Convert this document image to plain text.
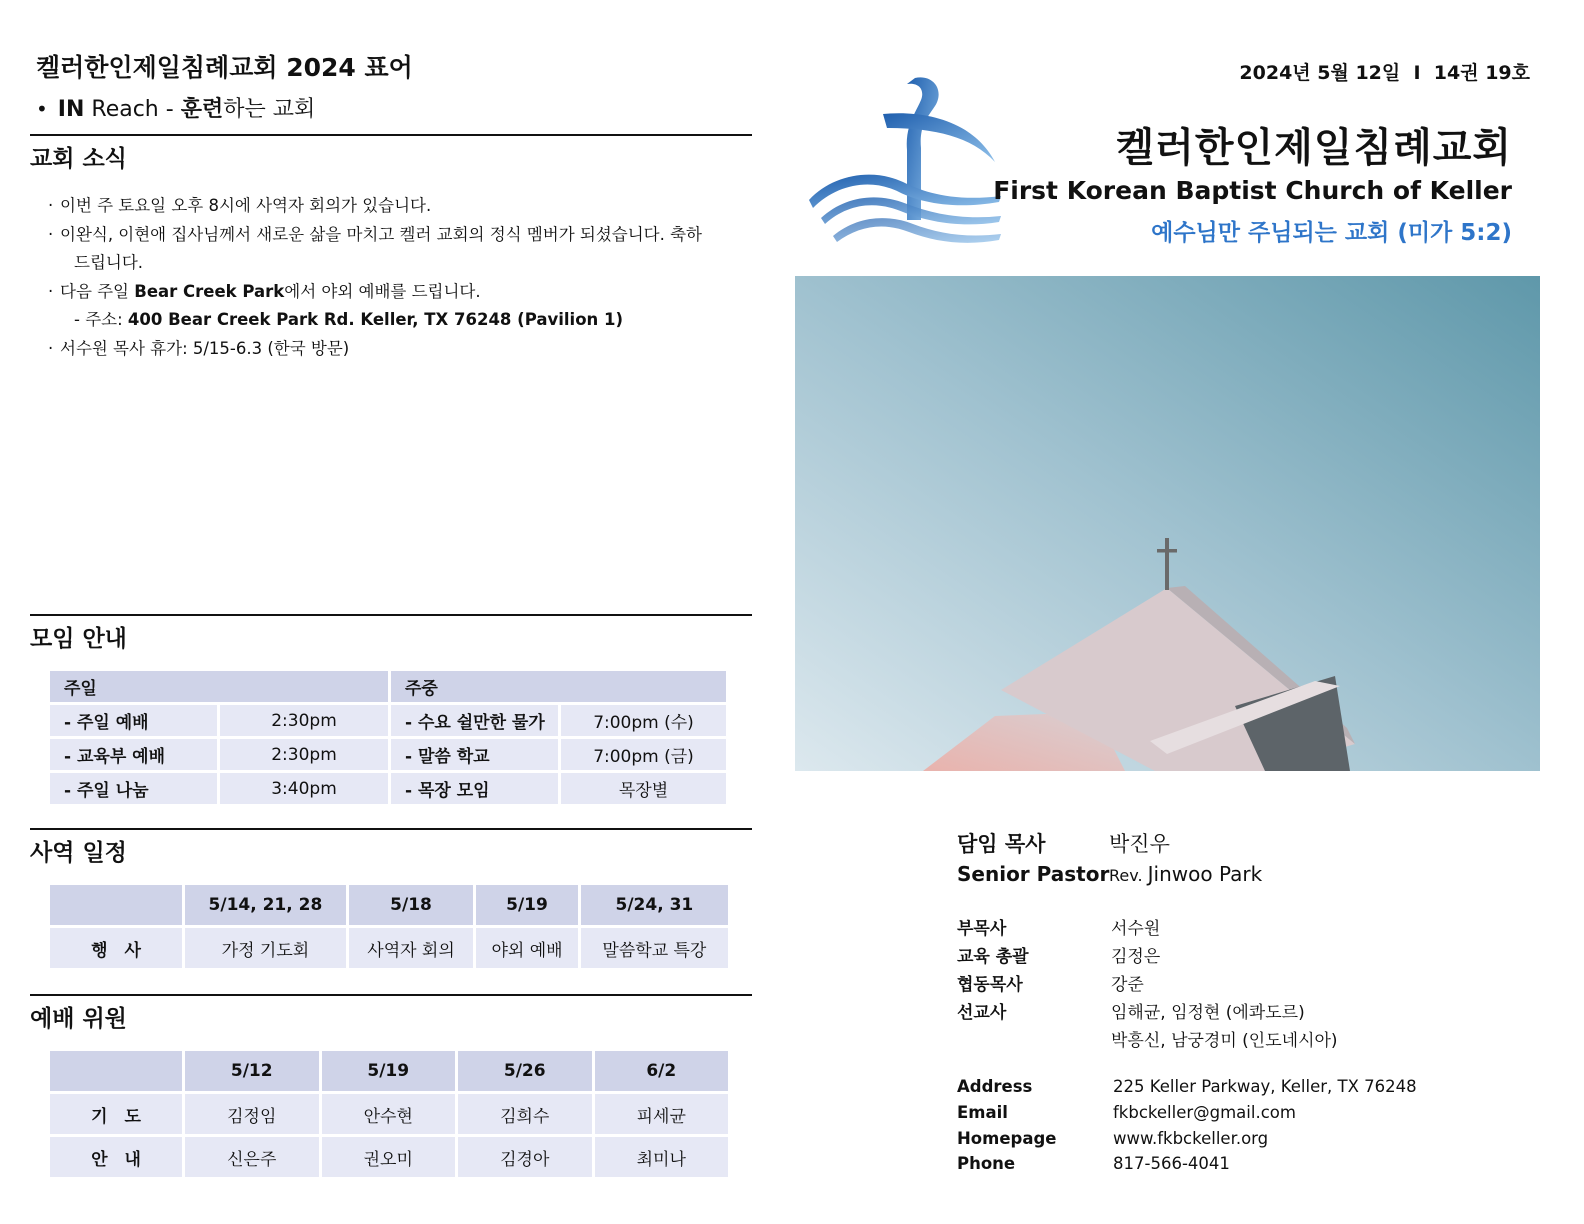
켈러한인제일침례교회 2024 표어
• IN Reach - 훈련하는 교회
교회 소식
· 이번 주 토요일 오후 8시에 사역자 회의가 있습니다.
· 이완식, 이현애 집사님께서 새로운 삶을 마치고 켈러 교회의 정식 멤버가 되셨습니다. 축하
드립니다.
· 다음 주일 Bear Creek Park에서 야외 예배를 드립니다.
- 주소: 400 Bear Creek Park Rd. Keller, TX 76248 (Pavilion 1)
· 서수원 목사 휴가: 5/15-6.3 (한국 방문)
모임 안내
주일		주중	
- 주일 예배	2:30pm	- 수요 쉴만한 물가	7:00pm (수)
- 교육부 예배	2:30pm	- 말씀 학교	7:00pm (금)
- 주일 나눔	3:40pm	- 목장 모임	목장별
사역 일정
	5/14, 21, 28	5/18	5/19	5/24, 31
행　사	가정 기도회	사역자 회의	야외 예배	말씀학교 특강
예배 위원
	5/12	5/19	5/26	6/2
기　도	김정임	안수현	김희수	피세균
안　내	신은주	권오미	김경아	최미나
2024년 5월 12일  I  14권 19호
켈러한인제일침례교회
First Korean Baptist Church of Keller
예수님만 주님되는 교회 (미가 5:2)
담임 목사	박진우
Senior Pastor Rev. Jinwoo Park
부목사	서수원
교육 총괄	김정은
협동목사	강준
선교사	임해균, 임정현 (에콰도르)
박흥신, 남궁경미 (인도네시아)
Address	225 Keller Parkway, Keller, TX 76248
Email	fkbckeller@gmail.com
Homepage	www.fkbckeller.org
Phone	817-566-4041
